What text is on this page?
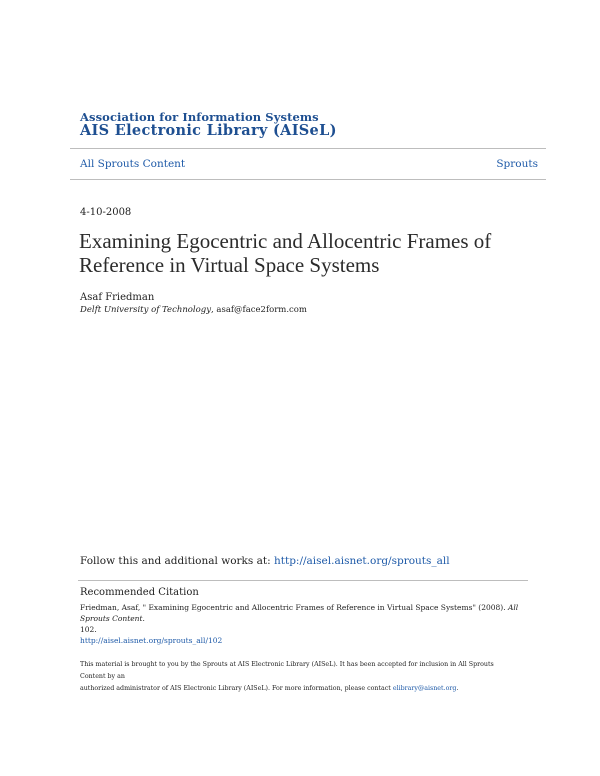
Association for Information Systems
AIS Electronic Library (AISeL)
All Sprouts Content	Sprouts
4-10-2008
Examining Egocentric and Allocentric Frames of Reference in Virtual Space Systems
Asaf Friedman
Delft University of Technology, asaf@face2form.com
Follow this and additional works at: http://aisel.aisnet.org/sprouts_all
Recommended Citation
Friedman, Asaf, " Examining Egocentric and Allocentric Frames of Reference in Virtual Space Systems" (2008). All Sprouts Content.
102.
http://aisel.aisnet.org/sprouts_all/102
This material is brought to you by the Sprouts at AIS Electronic Library (AISeL). It has been accepted for inclusion in All Sprouts Content by an
authorized administrator of AIS Electronic Library (AISeL). For more information, please contact elibrary@aisnet.org.
